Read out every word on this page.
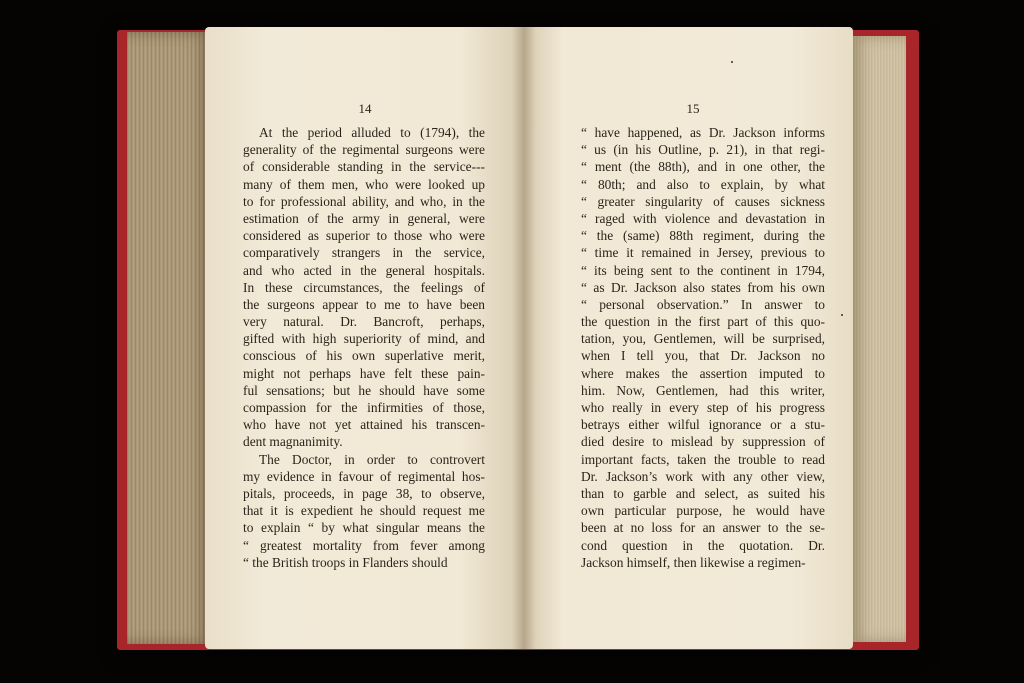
14
At the period alluded to (1794), the
generality of the regimental surgeons were
of considerable standing in the service---
many of them men, who were looked up
to for professional ability, and who, in the
estimation of the army in general, were
considered as superior to those who were
comparatively strangers in the service,
and who acted in the general hospitals.
In these circumstances, the feelings of
the surgeons appear to me to have been
very natural. Dr. Bancroft, perhaps,
gifted with high superiority of mind, and
conscious of his own superlative merit,
might not perhaps have felt these pain-
ful sensations; but he should have some
compassion for the infirmities of those,
who have not yet attained his transcen-
dent magnanimity.
The Doctor, in order to controvert
my evidence in favour of regimental hos-
pitals, proceeds, in page 38, to observe,
that it is expedient he should request me
to explain “ by what singular means the
“ greatest mortality from fever among
“ the British troops in Flanders should
15
“ have happened, as Dr. Jackson informs
“ us (in his Outline, p. 21), in that regi-
“ ment (the 88th), and in one other, the
“ 80th; and also to explain, by what
“ greater singularity of causes sickness
“ raged with violence and devastation in
“ the (same) 88th regiment, during the
“ time it remained in Jersey, previous to
“ its being sent to the continent in 1794,
“ as Dr. Jackson also states from his own
“ personal observation.” In answer to
the question in the first part of this quo-
tation, you, Gentlemen, will be surprised,
when I tell you, that Dr. Jackson no
where makes the assertion imputed to
him. Now, Gentlemen, had this writer,
who really in every step of his progress
betrays either wilful ignorance or a stu-
died desire to mislead by suppression of
important facts, taken the trouble to read
Dr. Jackson’s work with any other view,
than to garble and select, as suited his
own particular purpose, he would have
been at no loss for an answer to the se-
cond question in the quotation. Dr.
Jackson himself, then likewise a regimen-
